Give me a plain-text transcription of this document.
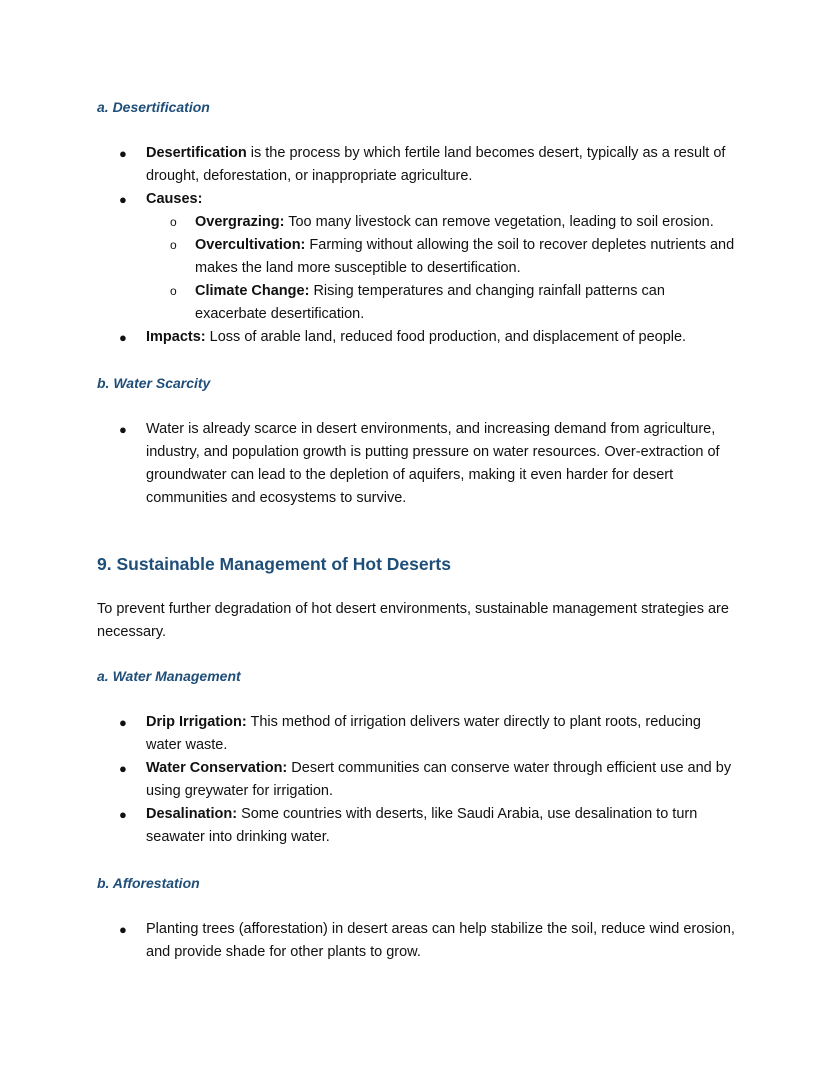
a. Desertification
● Desertification is the process by which fertile land becomes desert, typically as a result of drought, deforestation, or inappropriate agriculture.
● Causes:
o Overgrazing: Too many livestock can remove vegetation, leading to soil erosion.
o Overcultivation: Farming without allowing the soil to recover depletes nutrients and makes the land more susceptible to desertification.
o Climate Change: Rising temperatures and changing rainfall patterns can exacerbate desertification.
● Impacts: Loss of arable land, reduced food production, and displacement of people.
b. Water Scarcity
● Water is already scarce in desert environments, and increasing demand from agriculture, industry, and population growth is putting pressure on water resources. Over-extraction of groundwater can lead to the depletion of aquifers, making it even harder for desert communities and ecosystems to survive.
9. Sustainable Management of Hot Deserts

To prevent further degradation of hot desert environments, sustainable management strategies are necessary.

a. Water Management
● Drip Irrigation: This method of irrigation delivers water directly to plant roots, reducing water waste.
● Water Conservation: Desert communities can conserve water through efficient use and by using greywater for irrigation.
● Desalination: Some countries with deserts, like Saudi Arabia, use desalination to turn seawater into drinking water.
b. Afforestation
● Planting trees (afforestation) in desert areas can help stabilize the soil, reduce wind erosion, and provide shade for other plants to grow.
